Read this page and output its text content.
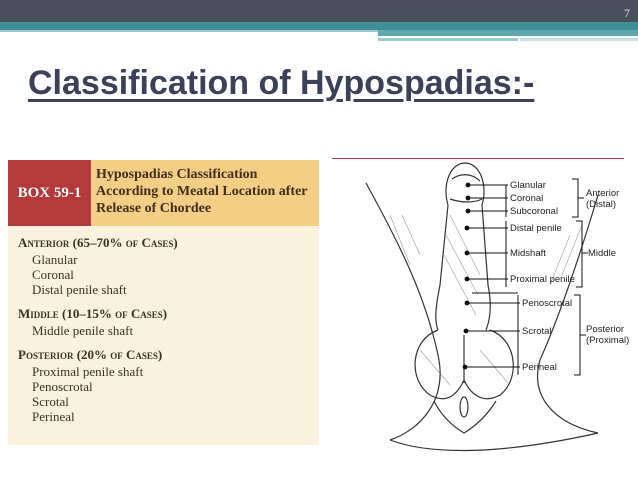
7
Classification of Hypospadias:-
BOX 59-1
Hypospadias Classification According to Meatal Location after Release of Chordee

Anterior (65–70% of Cases)

Glanular
Coronal
Distal penile shaft

Middle (10–15% of Cases)

Middle penile shaft

Posterior (20% of Cases)

Proximal penile shaft
Penoscrotal
Scrotal
Perineal
Glanular
Coronal
Subcoronal
Distal penile
Midshaft
Proximal penile
Penoscrotal
Scrotal
Perineal
Anterior
(Distal)
Middle
Posterior
(Proximal)
